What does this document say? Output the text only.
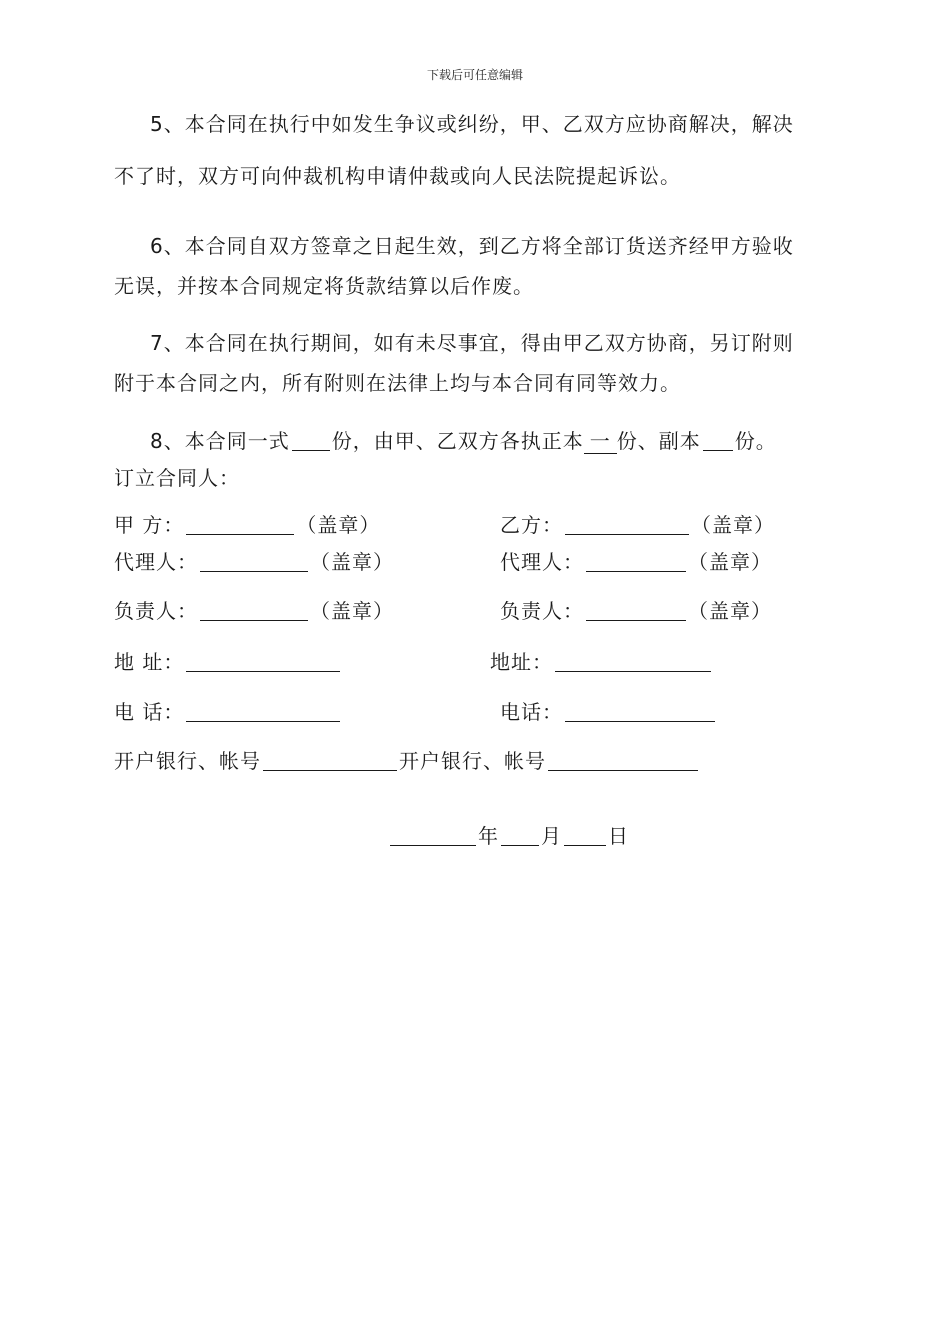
下载后可任意编辑
5、本合同在执行中如发生争议或纠纷，甲、乙双方应协商解决，解决
不了时，双方可向仲裁机构申请仲裁或向人民法院提起诉讼。
6、本合同自双方签章之日起生效，到乙方将全部订货送齐经甲方验收
无误，并按本合同规定将货款结算以后作废。
7、本合同在执行期间，如有未尽事宜，得由甲乙双方协商，另订附则
附于本合同之内，所有附则在法律上均与本合同有同等效力。
8、本合同一式 份，由甲、乙双方各执正本 一 份、副本 份。
订立合同人：
甲 方：	（盖章）	乙方：	（盖章）
代理人：	（盖章）	代理人：	（盖章）
负责人：	（盖章）	负责人：	（盖章）
地 址：	地址：
电 话：	电话：
开户银行、帐号	开户银行、帐号
年 月 日
